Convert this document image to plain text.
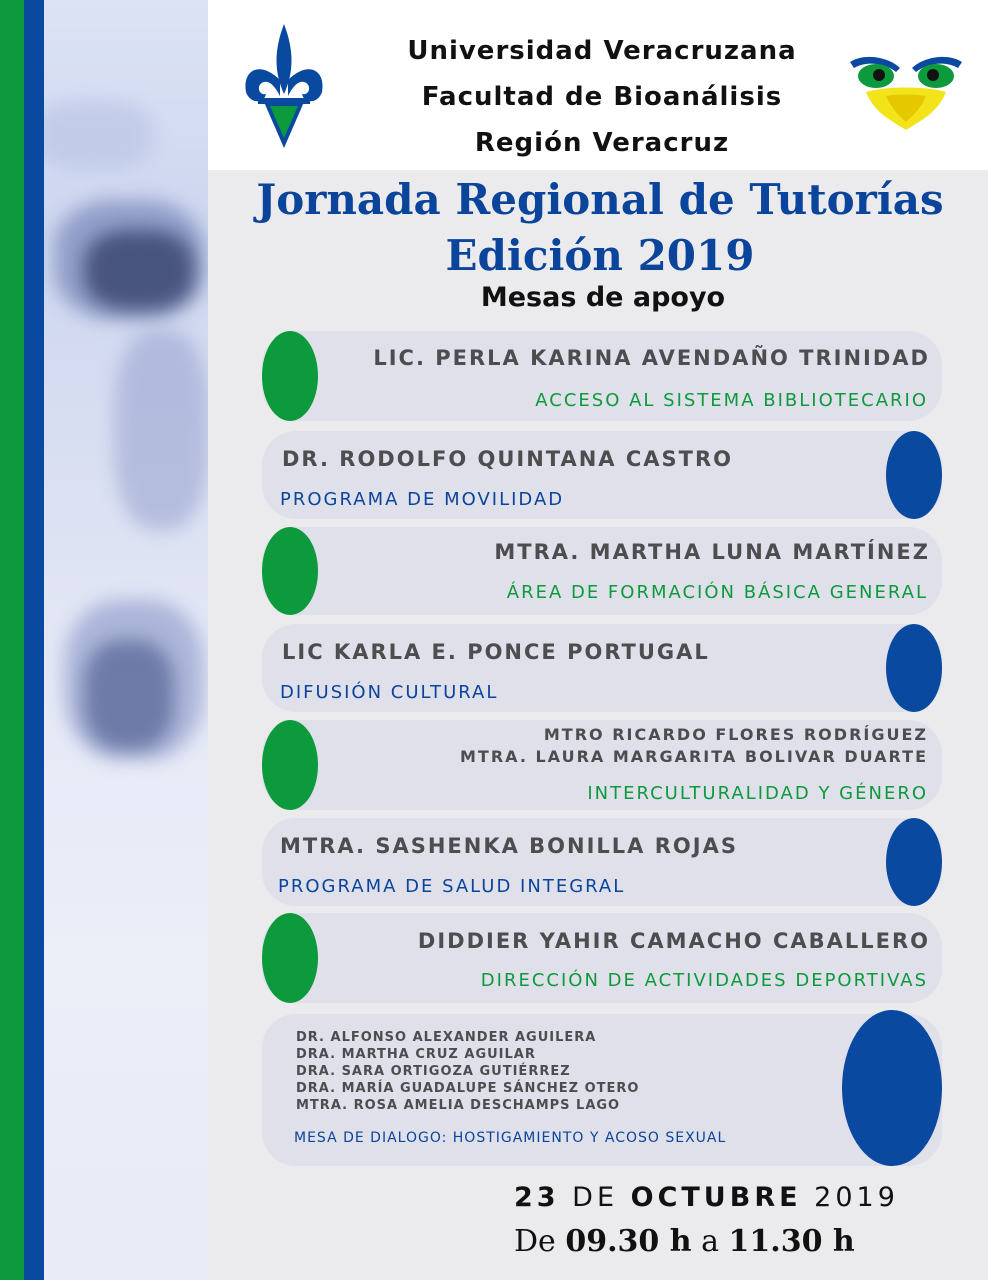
Universidad Veracruzana
Facultad de Bioanálisis
Región Veracruz
Jornada Regional de Tutorías
Edición 2019
Mesas de apoyo
LIC. PERLA KARINA AVENDAÑO TRINIDAD
ACCESO AL SISTEMA BIBLIOTECARIO
DR. RODOLFO QUINTANA CASTRO
PROGRAMA DE MOVILIDAD
MTRA. MARTHA LUNA MARTÍNEZ
ÁREA DE FORMACIÓN BÁSICA GENERAL
LIC KARLA E. PONCE PORTUGAL
DIFUSIÓN CULTURAL
MTRO RICARDO FLORES RODRÍGUEZ
MTRA. LAURA MARGARITA BOLIVAR DUARTE
INTERCULTURALIDAD Y GÉNERO
MTRA. SASHENKA BONILLA ROJAS
PROGRAMA DE SALUD INTEGRAL
DIDDIER YAHIR CAMACHO CABALLERO
DIRECCIÓN DE ACTIVIDADES DEPORTIVAS
DR. ALFONSO ALEXANDER AGUILERA
DRA. MARTHA CRUZ AGUILAR
DRA. SARA ORTIGOZA GUTIÉRREZ
DRA. MARÍA GUADALUPE SÁNCHEZ OTERO
MTRA. ROSA AMELIA DESCHAMPS LAGO
MESA DE DIALOGO: HOSTIGAMIENTO Y ACOSO SEXUAL
23 DE OCTUBRE 2019
De 09.30 h a 11.30 h
